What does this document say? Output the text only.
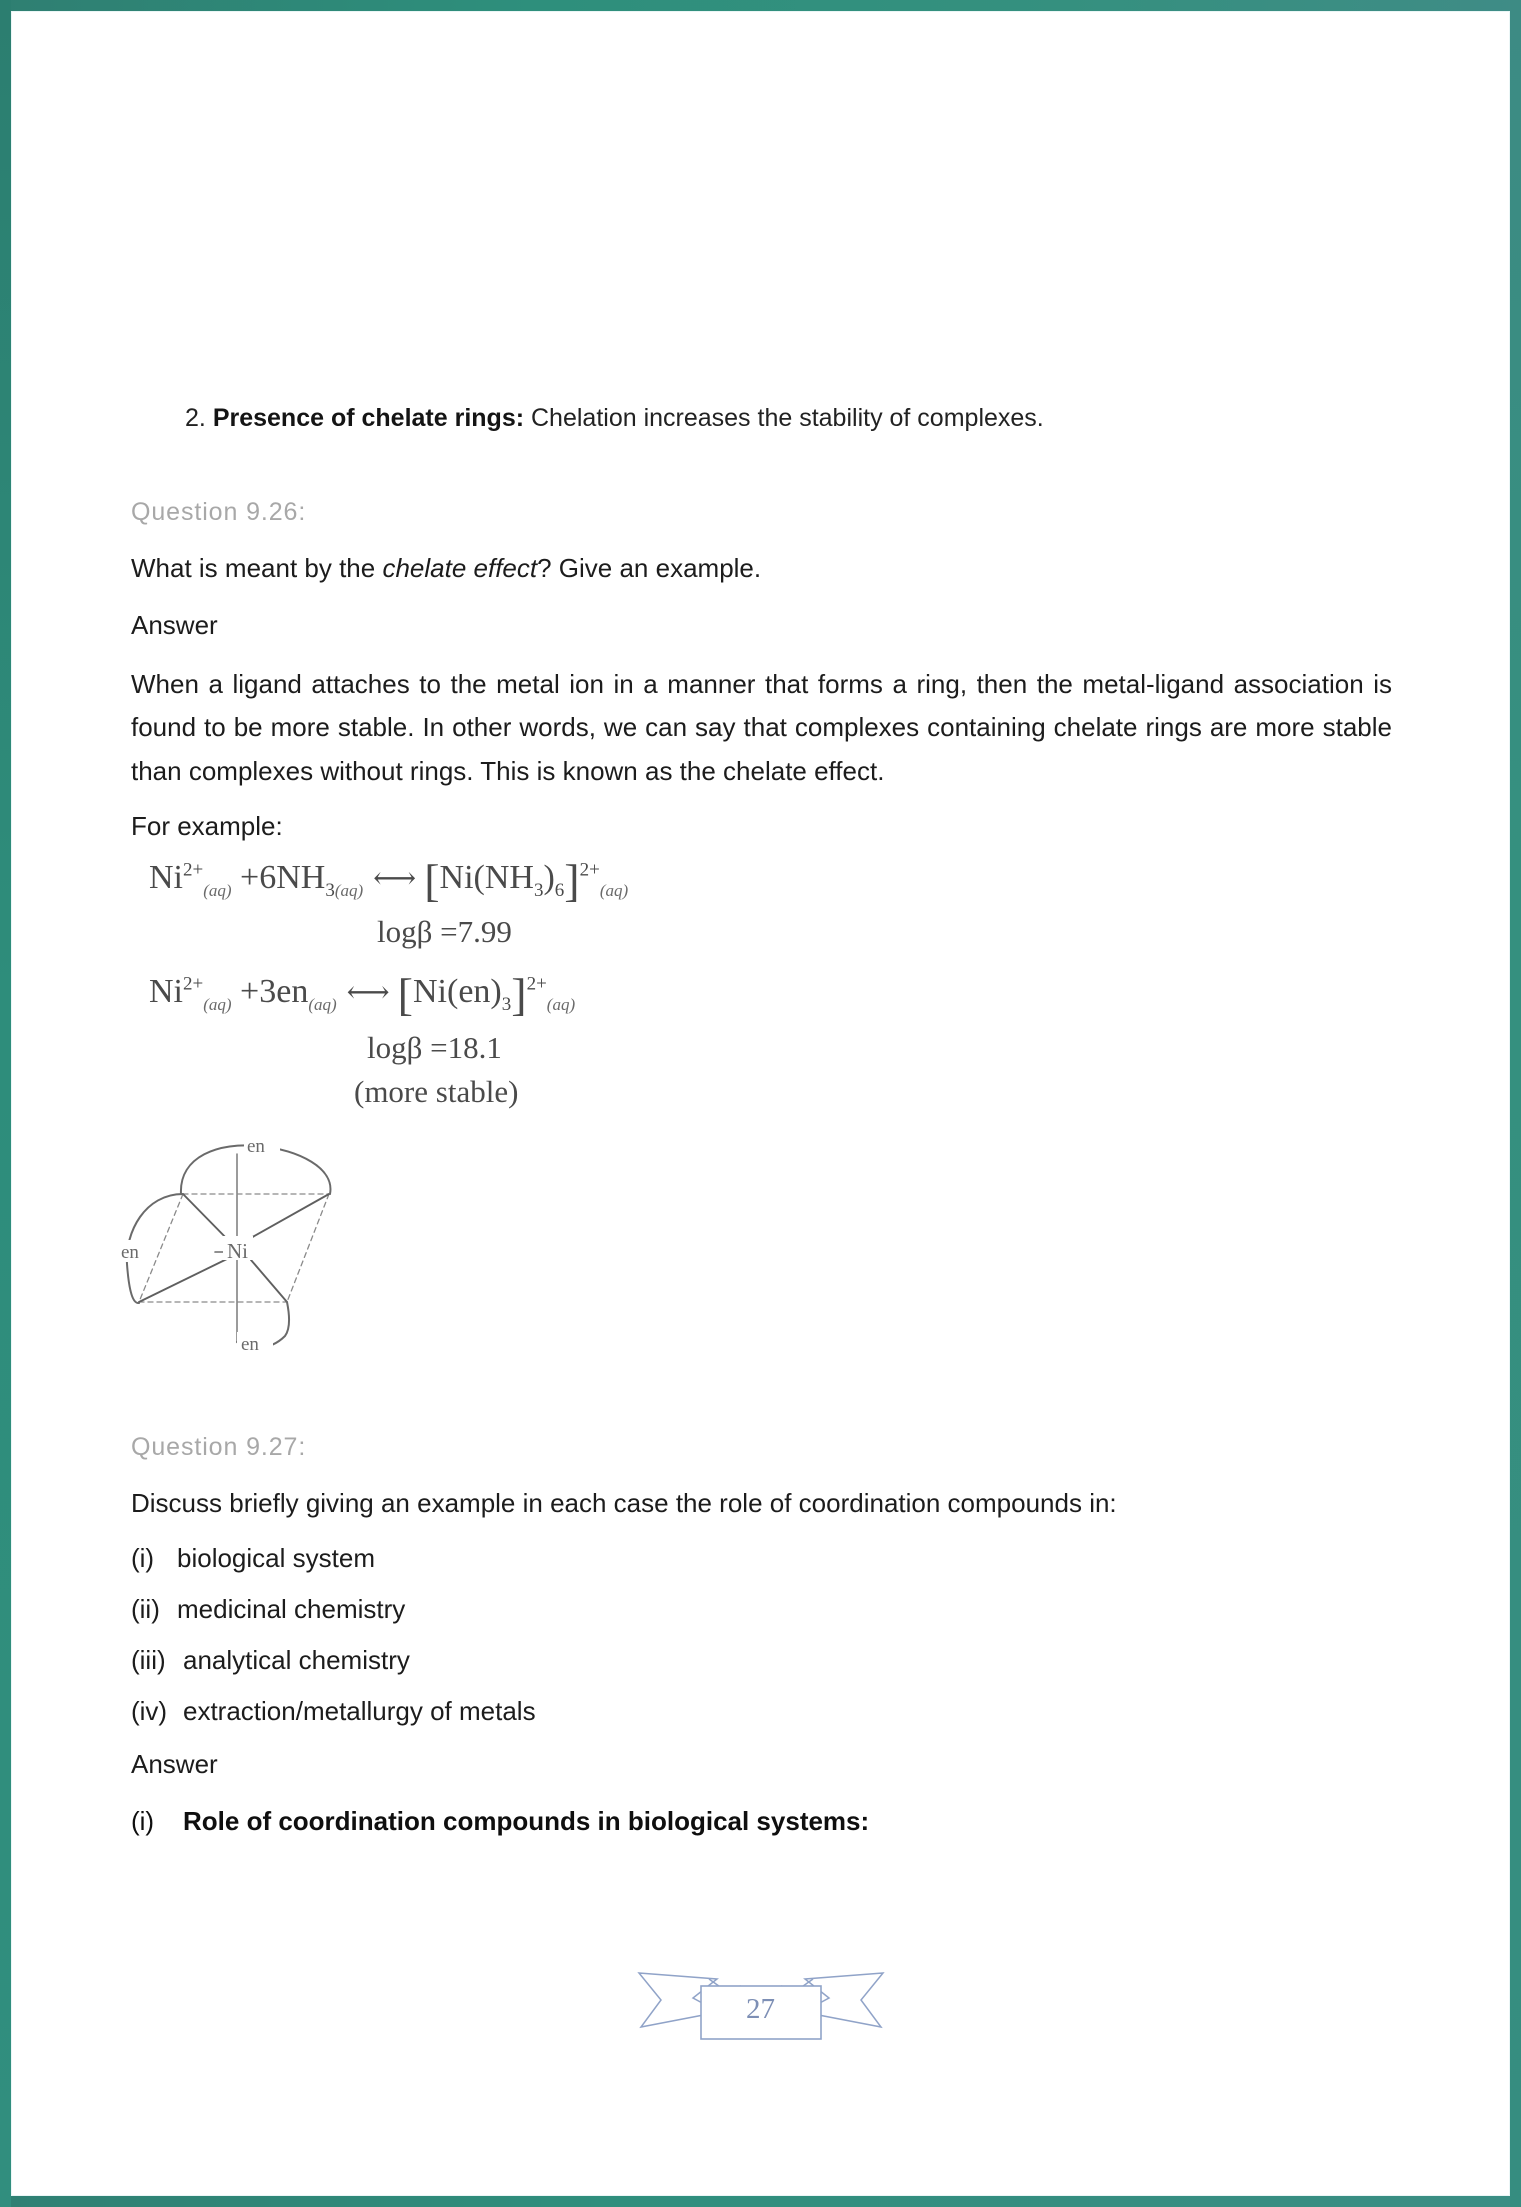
2. Presence of chelate rings: Chelation increases the stability of complexes.
Question 9.26:
What is meant by the chelate effect? Give an example.
Answer
When a ligand attaches to the metal ion in a manner that forms a ring, then the metal-ligand association is found to be more stable. In other words, we can say that complexes containing chelate rings are more stable than complexes without rings. This is known as the chelate effect.
For example:
$Ni^{2+}_{(aq)} +6NH_{3(aq)}$ ⟷ $[Ni(NH_3)_6]^{2+}_{(aq)}$
logβ =7.99
$Ni^{2+}_{(aq)} +3en_{(aq)}$ ⟷ $[Ni(en)_3]^{2+}_{(aq)}$
logβ =18.1
(more stable)
en
en
en
Ni
Question 9.27:
Discuss briefly giving an example in each case the role of coordination compounds in:
(i) biological system
(ii) medicinal chemistry
(iii) analytical chemistry
(iv) extraction/metallurgy of metals
Answer
(i)	Role of coordination compounds in biological systems:
27
